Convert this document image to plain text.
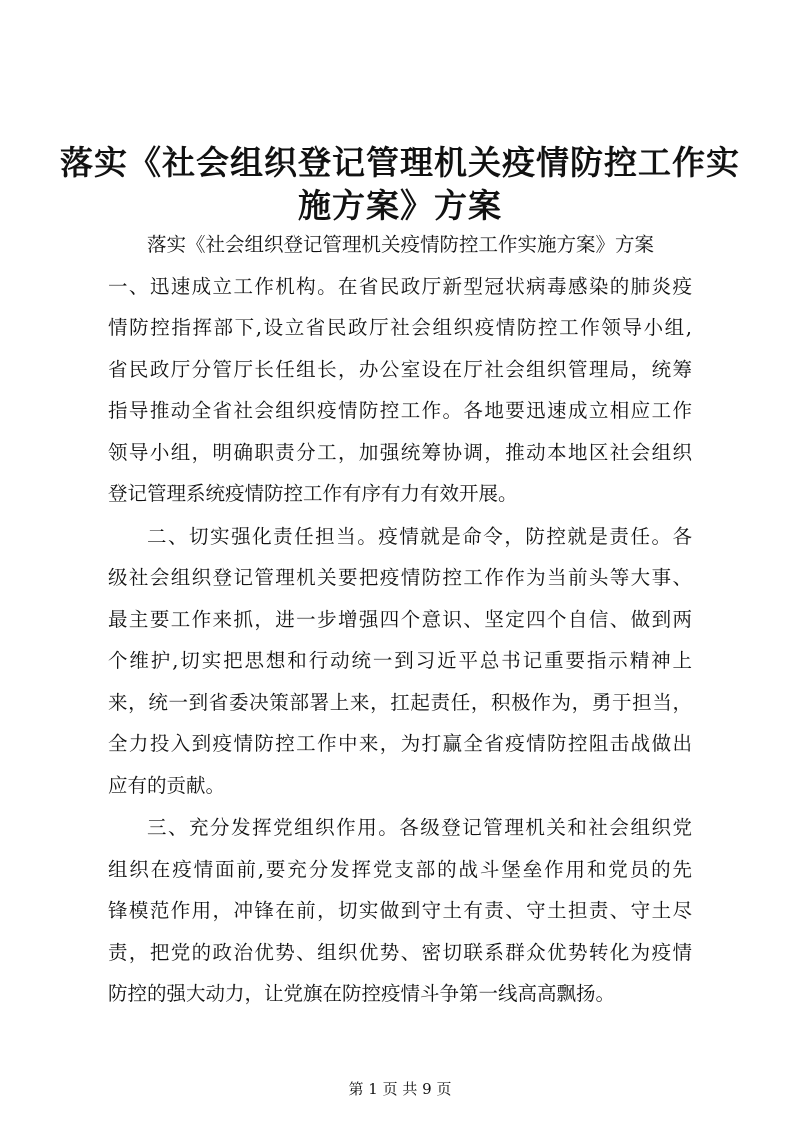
落实《社会组织登记管理机关疫情防控工作实
施方案》方案
落实《社会组织登记管理机关疫情防控工作实施方案》方案
一、迅速成立工作机构。在省民政厅新型冠状病毒感染的肺炎疫
情防控指挥部下,设立省民政厅社会组织疫情防控工作领导小组,
省民政厅分管厅长任组长，办公室设在厅社会组织管理局，统筹
指导推动全省社会组织疫情防控工作。各地要迅速成立相应工作
领导小组，明确职责分工，加强统筹协调，推动本地区社会组织
登记管理系统疫情防控工作有序有力有效开展。
二、切实强化责任担当。疫情就是命令，防控就是责任。各
级社会组织登记管理机关要把疫情防控工作作为当前头等大事、
最主要工作来抓，进一步增强四个意识、坚定四个自信、做到两
个维护,切实把思想和行动统一到习近平总书记重要指示精神上
来，统一到省委决策部署上来，扛起责任，积极作为，勇于担当，
全力投入到疫情防控工作中来，为打赢全省疫情防控阻击战做出
应有的贡献。
三、充分发挥党组织作用。各级登记管理机关和社会组织党
组织在疫情面前,要充分发挥党支部的战斗堡垒作用和党员的先
锋模范作用，冲锋在前，切实做到守土有责、守土担责、守土尽
责，把党的政治优势、组织优势、密切联系群众优势转化为疫情
防控的强大动力，让党旗在防控疫情斗争第一线高高飘扬。
第 1 页 共 9 页
